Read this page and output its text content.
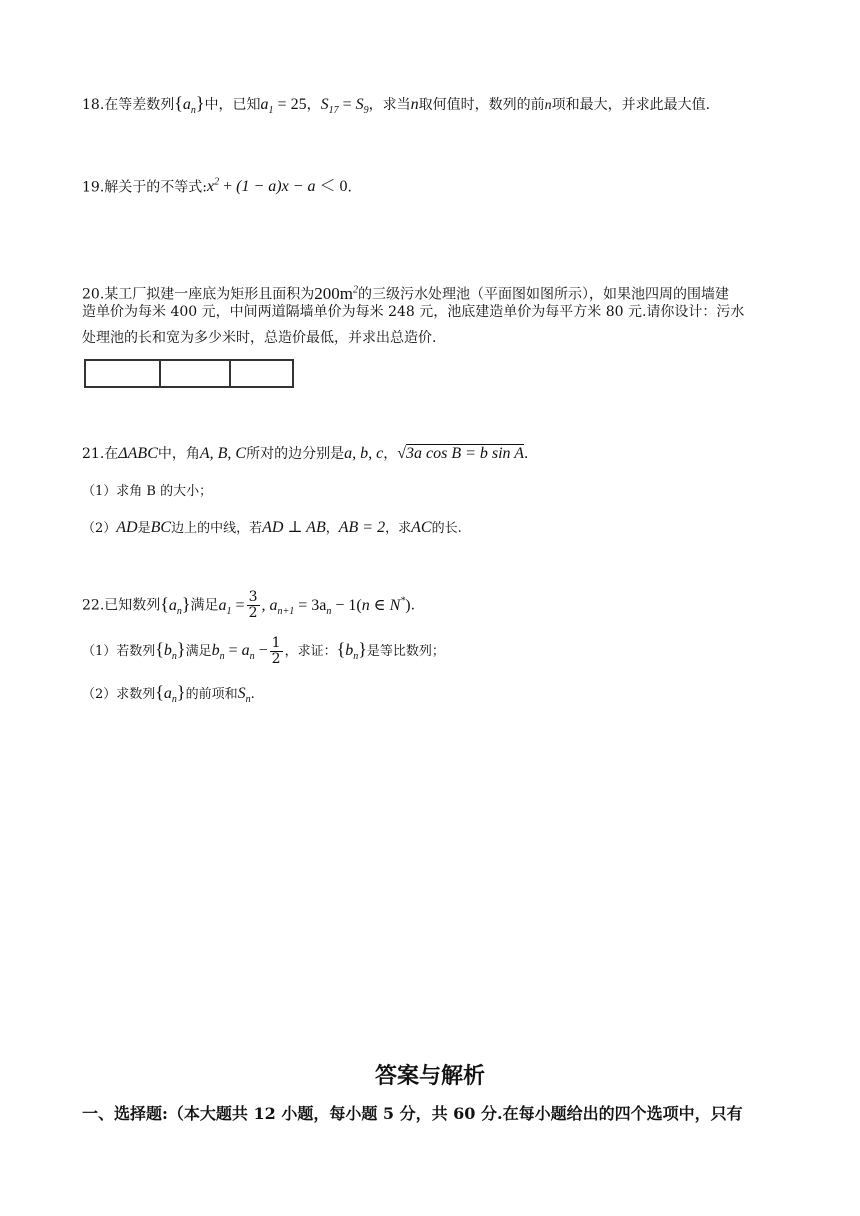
18.在等差数列$\{a_n\}$中，已知$a_1 = 25$，$S_{17} = S_9$，求当n取何值时，数列的前n项和最大，并求此最大值.
19.解关于的不等式$:x^2 + (1 - a)x - a < 0$.
20.某工厂拟建一座底为矩形且面积为$200m^2$的三级污水处理池（平面图如图所示），如果池四周的围墙建
造单价为每米 400 元，中间两道隔墙单价为每米 248 元，池底建造单价为每平方米 80 元.请你设计：污水
处理池的长和宽为多少米时，总造价最低，并求出总造价.
21.在ΔABC中，角A, B, C所对的边分别是a, b, c，√3a cos B = b sin A．
（1）求角 B 的大小；
（2）AD是BC边上的中线，若AD ⊥ AB，AB = 2，求AC的长.
22.已知数列$\{a_n\}$满足$a_1 = \frac{3}{2}$ , $a_{n+1} = 3a_n - 1(n$ ∈ N*).
（1）若数列$\{b_n\}$满足$b_n = a_n - \frac{1}{2}$ ，求证：$\{b_n\}$是等比数列；
（2）求数列$\{a_n\}$的前项和$S_n$.
答案与解析
一、选择题:（本大题共 12 小题，每小题 5 分，共 60 分.在每小题给出的四个选项中，只有
